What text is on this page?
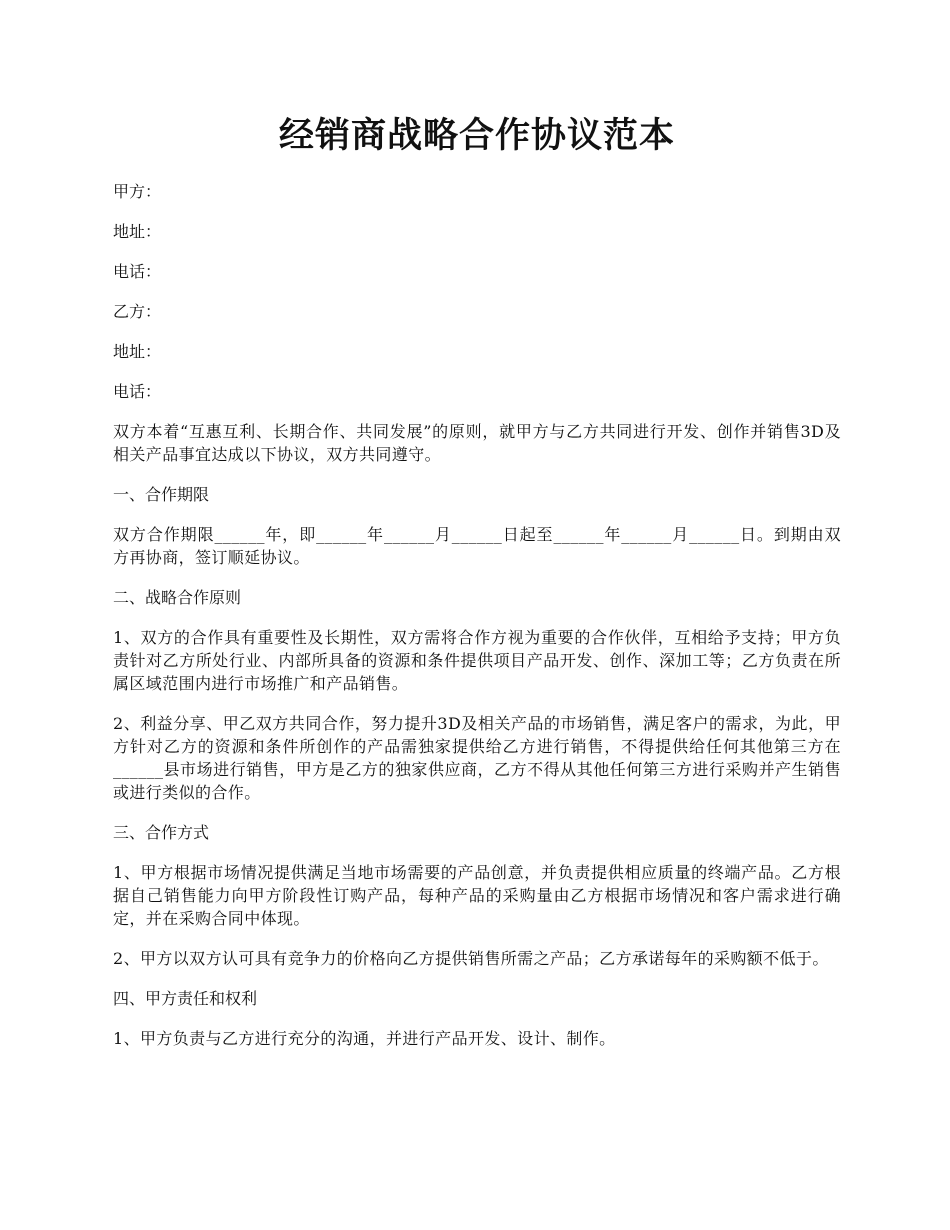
经销商战略合作协议范本
甲方：
地址：
电话：
乙方：
地址：
电话：

双方本着“互惠互利、长期合作、共同发展”的原则，就甲方与乙方共同进行开发、创作并销售3D及相关产品事宜达成以下协议，双方共同遵守。

一、合作期限

双方合作期限______年，即______年______月______日起至______年______月______日。到期由双方再协商，签订顺延协议。

二、战略合作原则

1、双方的合作具有重要性及长期性，双方需将合作方视为重要的合作伙伴，互相给予支持；甲方负责针对乙方所处行业、内部所具备的资源和条件提供项目产品开发、创作、深加工等；乙方负责在所属区域范围内进行市场推广和产品销售。

2、利益分享、甲乙双方共同合作，努力提升3D及相关产品的市场销售，满足客户的需求，为此，甲方针对乙方的资源和条件所创作的产品需独家提供给乙方进行销售，不得提供给任何其他第三方在______县市场进行销售，甲方是乙方的独家供应商，乙方不得从其他任何第三方进行采购并产生销售或进行类似的合作。

三、合作方式

1、甲方根据市场情况提供满足当地市场需要的产品创意，并负责提供相应质量的终端产品。乙方根据自己销售能力向甲方阶段性订购产品，每种产品的采购量由乙方根据市场情况和客户需求进行确定，并在采购合同中体现。

2、甲方以双方认可具有竞争力的价格向乙方提供销售所需之产品；乙方承诺每年的采购额不低于。

四、甲方责任和权利

1、甲方负责与乙方进行充分的沟通，并进行产品开发、设计、制作。
